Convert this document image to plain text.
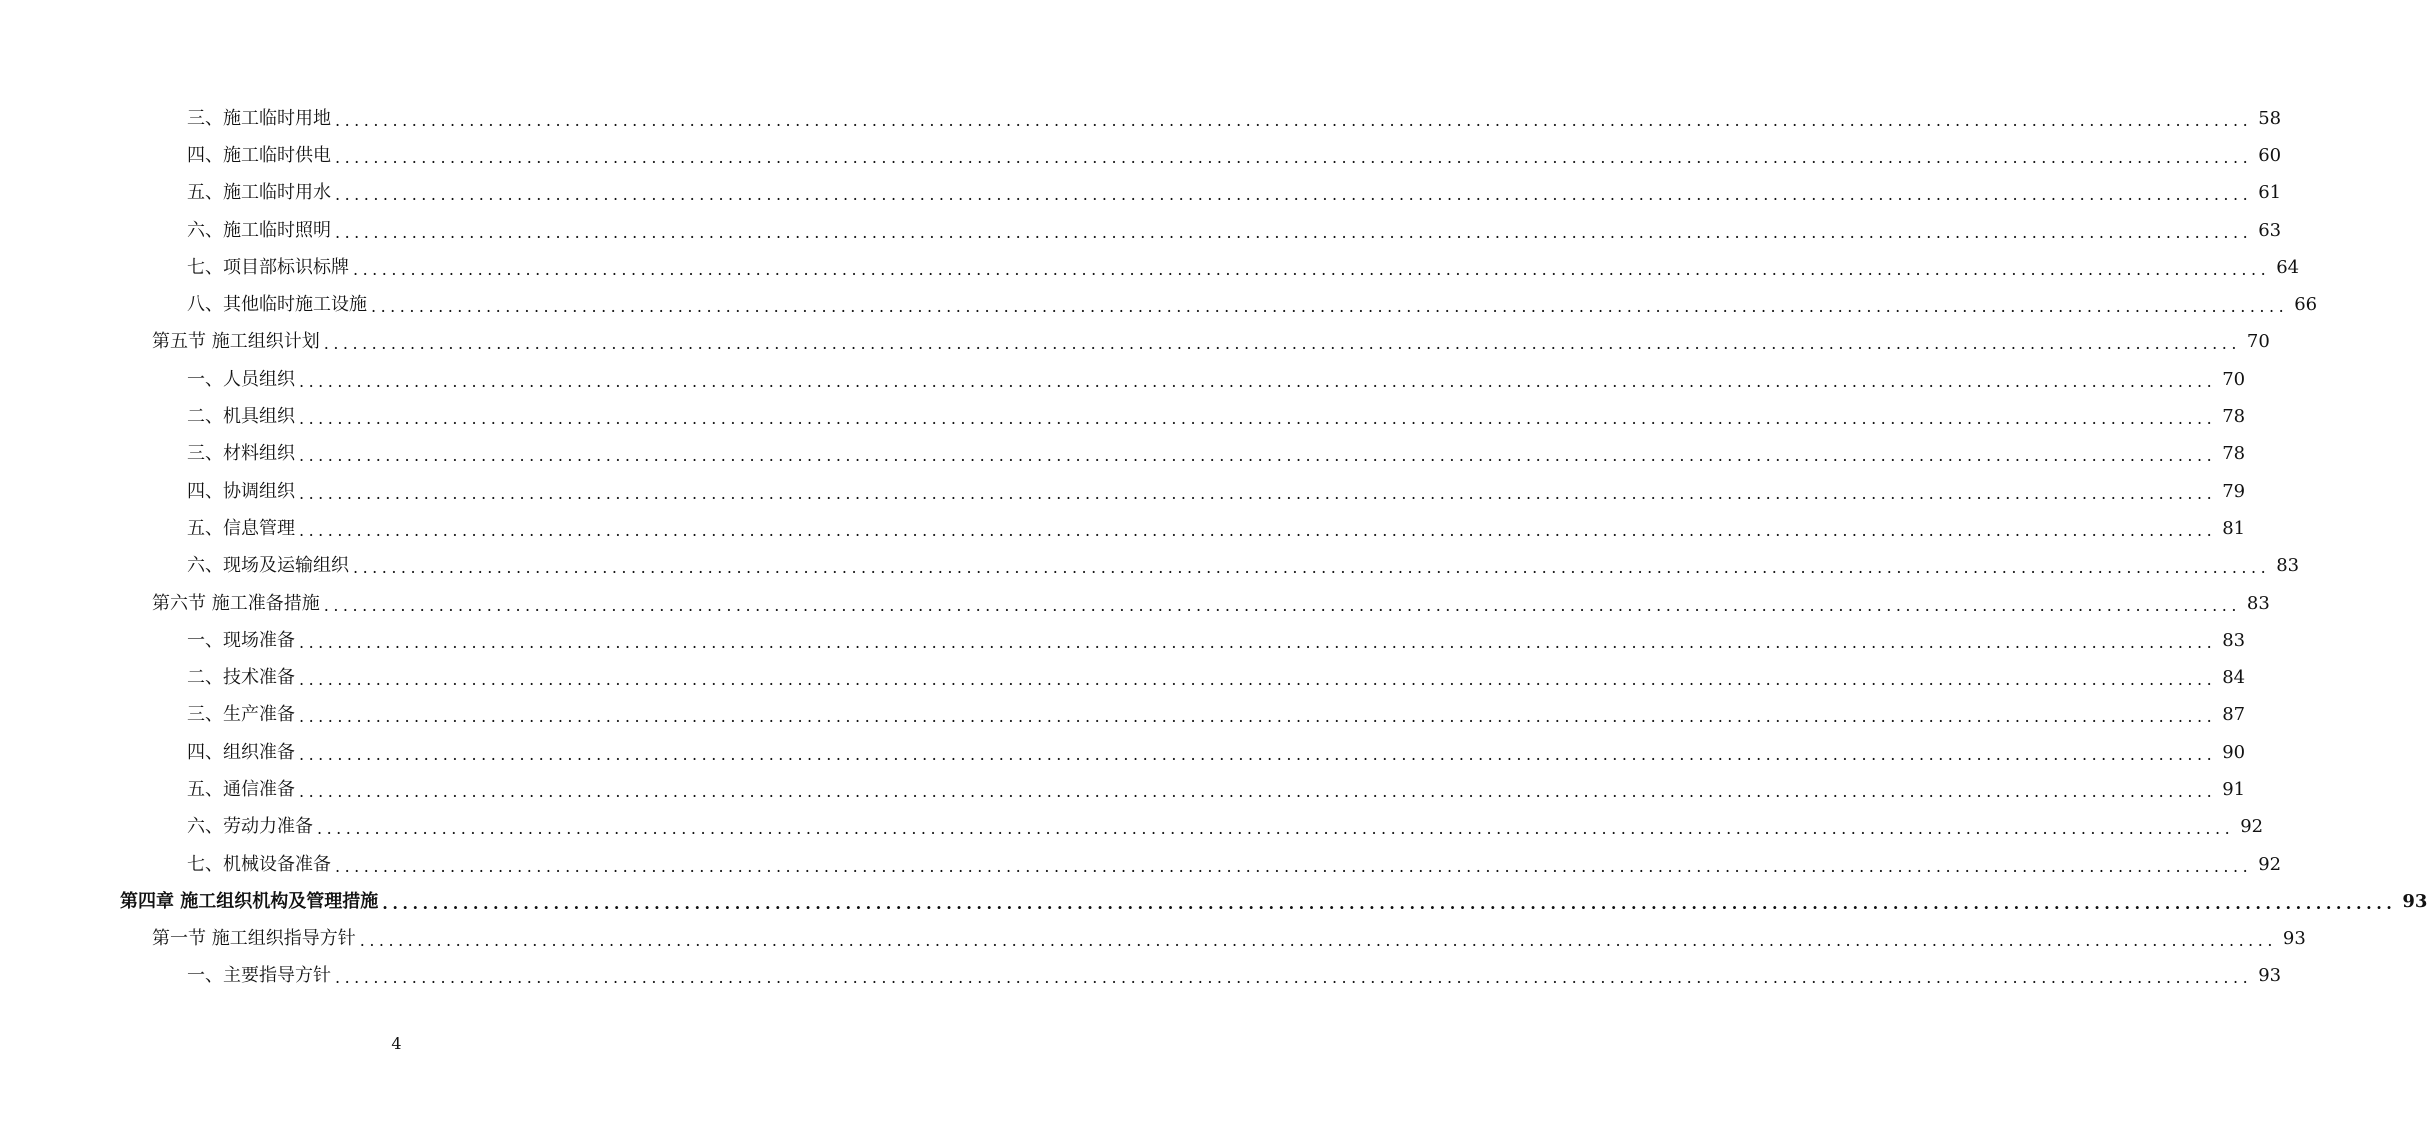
三、施工临时用地 ........................................................................................................................................................................................................ 58
四、施工临时供电 ........................................................................................................................................................................................................ 60
五、施工临时用水 ........................................................................................................................................................................................................ 61
六、施工临时照明 ........................................................................................................................................................................................................ 63
七、项目部标识标牌 ........................................................................................................................................................................................................ 64
八、其他临时施工设施 ........................................................................................................................................................................................................ 66
第五节 施工组织计划 ........................................................................................................................................................................................................ 70
一、人员组织 ........................................................................................................................................................................................................ 70
二、机具组织 ........................................................................................................................................................................................................ 78
三、材料组织 ........................................................................................................................................................................................................ 78
四、协调组织 ........................................................................................................................................................................................................ 79
五、信息管理 ........................................................................................................................................................................................................ 81
六、现场及运输组织 ........................................................................................................................................................................................................ 83
第六节 施工准备措施 ........................................................................................................................................................................................................ 83
一、现场准备 ........................................................................................................................................................................................................ 83
二、技术准备 ........................................................................................................................................................................................................ 84
三、生产准备 ........................................................................................................................................................................................................ 87
四、组织准备 ........................................................................................................................................................................................................ 90
五、通信准备 ........................................................................................................................................................................................................ 91
六、劳动力准备 ........................................................................................................................................................................................................ 92
七、机械设备准备 ........................................................................................................................................................................................................ 92
第四章 施工组织机构及管理措施 ........................................................................................................................................................................................................ 93
第一节 施工组织指导方针 ........................................................................................................................................................................................................ 93
一、主要指导方针 ........................................................................................................................................................................................................ 93
4
